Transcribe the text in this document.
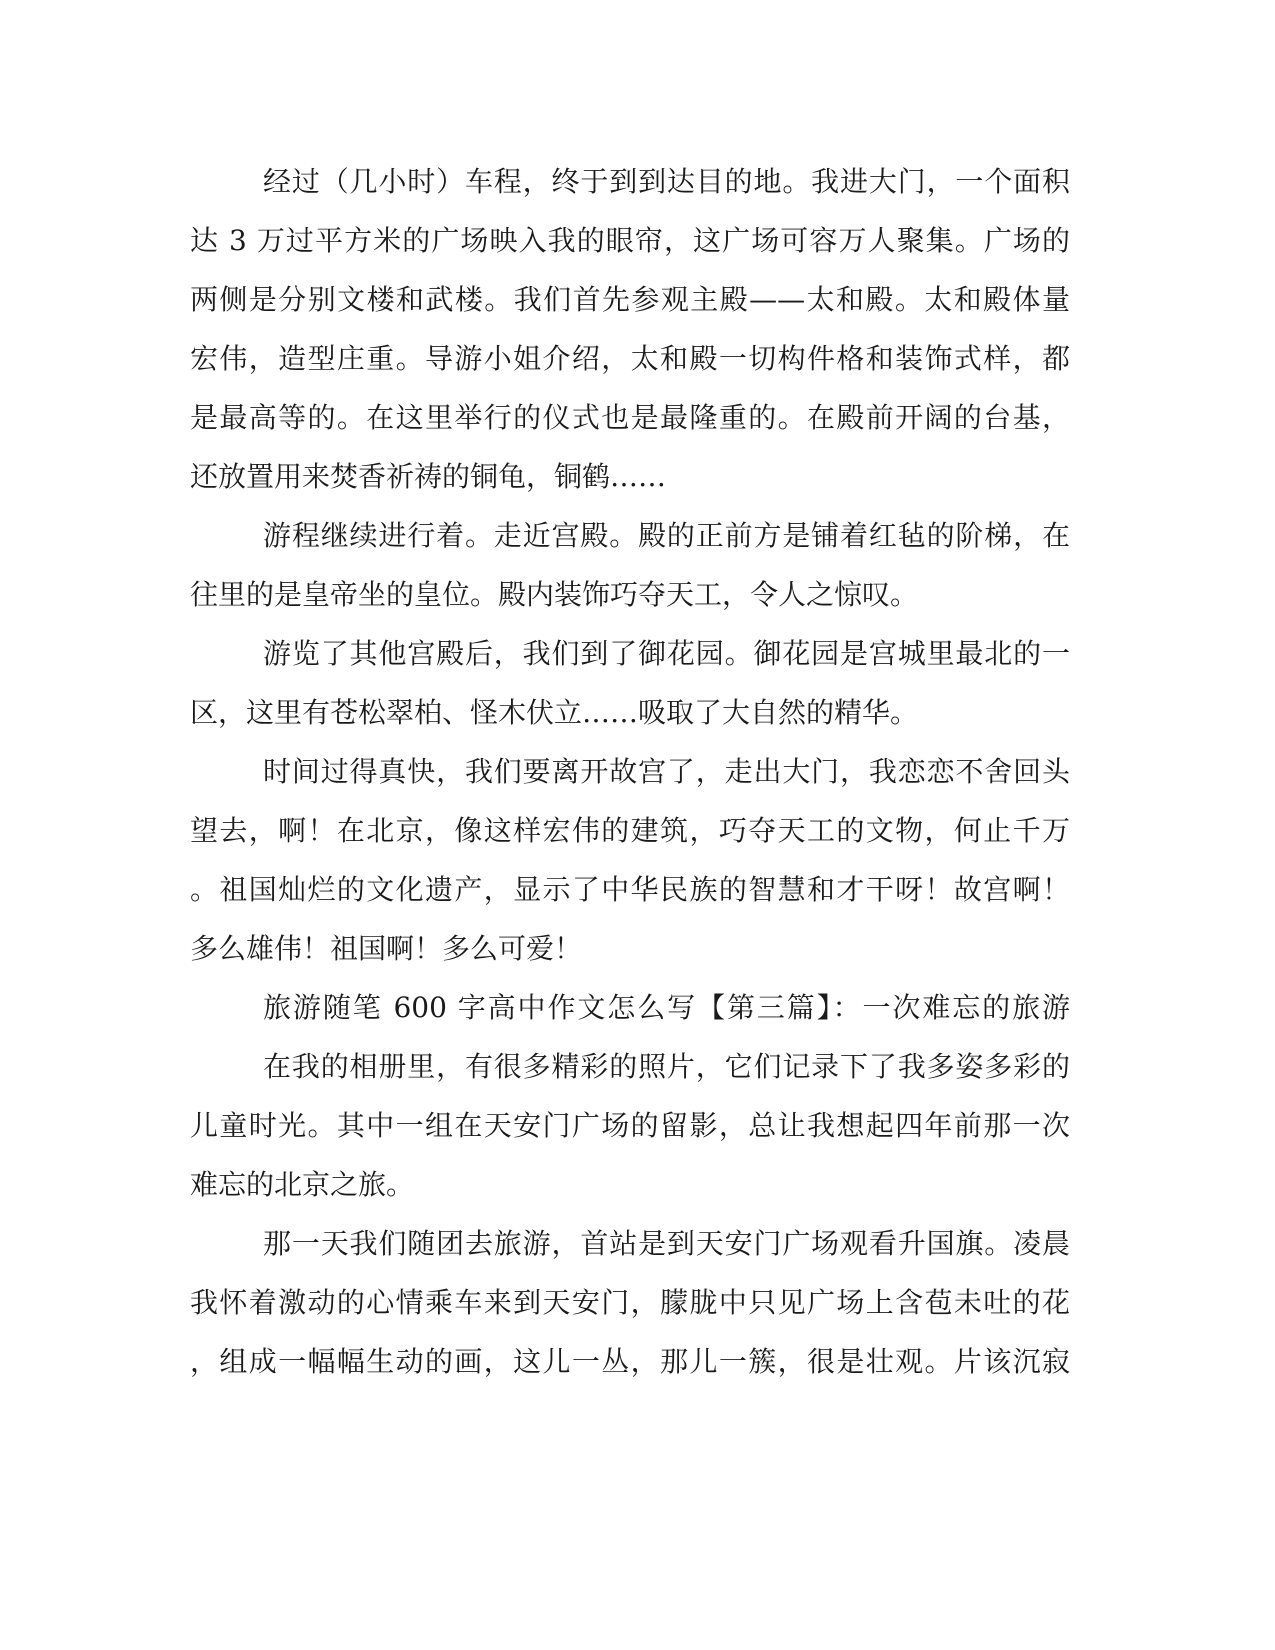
经过（几小时）车程，终于到到达目的地。我进大门，一个面积
达 3 万过平方米的广场映入我的眼帘，这广场可容万人聚集。广场的
两侧是分别文楼和武楼。我们首先参观主殿——太和殿。太和殿体量
宏伟，造型庄重。导游小姐介绍，太和殿一切构件格和装饰式样，都
是最高等的。在这里举行的仪式也是最隆重的。在殿前开阔的台基，
还放置用来焚香祈祷的铜龟，铜鹤……
游程继续进行着。走近宫殿。殿的正前方是铺着红毡的阶梯，在
往里的是皇帝坐的皇位。殿内装饰巧夺天工，令人之惊叹。
游览了其他宫殿后，我们到了御花园。御花园是宫城里最北的一
区，这里有苍松翠柏、怪木伏立……吸取了大自然的精华。
时间过得真快，我们要离开故宫了，走出大门，我恋恋不舍回头
望去，啊！在北京，像这样宏伟的建筑，巧夺天工的文物，何止千万
。祖国灿烂的文化遗产，显示了中华民族的智慧和才干呀！故宫啊！
多么雄伟！祖国啊！多么可爱！
旅游随笔 600 字高中作文怎么写【第三篇】：一次难忘的旅游
在我的相册里，有很多精彩的照片，它们记录下了我多姿多彩的
儿童时光。其中一组在天安门广场的留影，总让我想起四年前那一次
难忘的北京之旅。
那一天我们随团去旅游，首站是到天安门广场观看升国旗。凌晨
我怀着激动的心情乘车来到天安门，朦胧中只见广场上含苞未吐的花
，组成一幅幅生动的画，这儿一丛，那儿一簇，很是壮观。片该沉寂
